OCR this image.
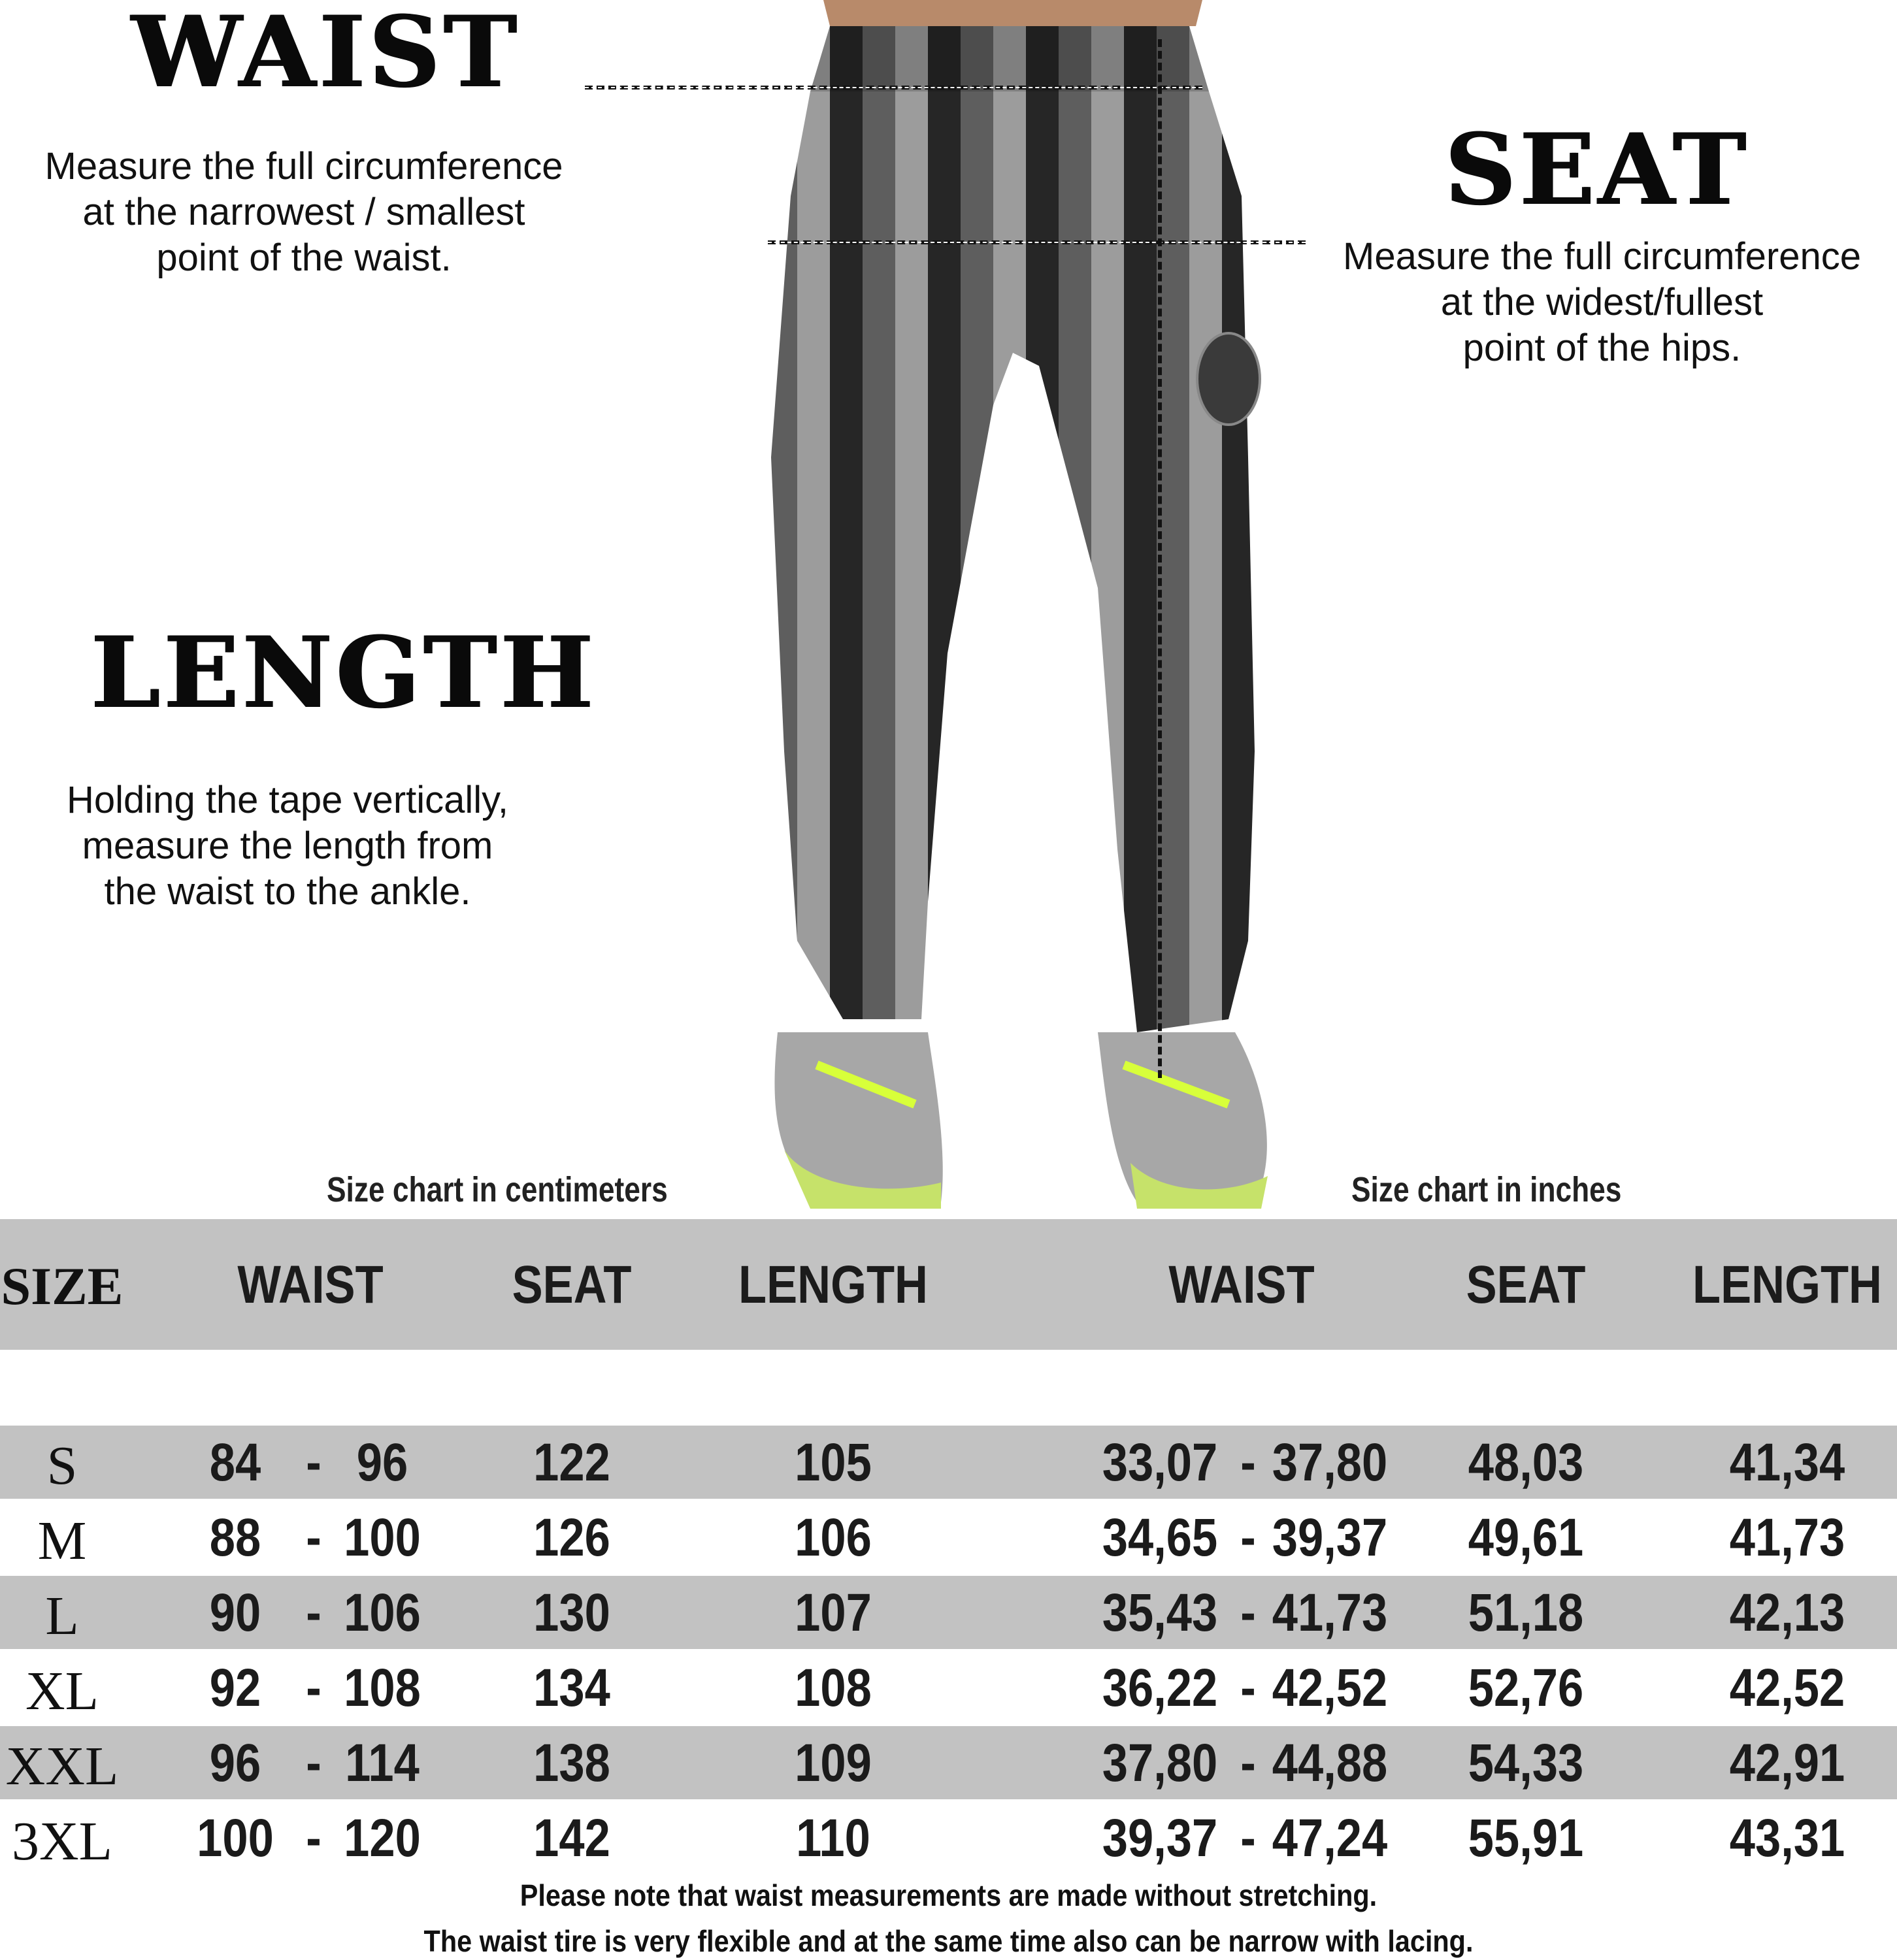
WAIST
Measure the full circumference
at the narrowest / smallest
point of the waist.
SEAT
Measure the full circumference
at the widest/fullest
point of the hips.
LENGTH
Holding the tape vertically,
measure the length from
the waist to the ankle.
Size chart in centimeters	Size chart in inches
SIZE	WAIST	SEAT	LENGTH	WAIST	SEAT	LENGTH
S	84 - 96	122	105	33,07 - 37,80 48,03	41,34
M	88 - 100	126	106	34,65 - 39,37 49,61	41,73
L	90 - 106	130	107	35,43 - 41,73 51,18	42,13
XL	92 - 108	134	108	36,22 - 42,52 52,76	42,52
XXL	96 - 114	138	109	37,80 - 44,88 54,33	42,91
3XL 100 - 120	142	110	39,37 - 47,24 55,91	43,31
Please note that waist measurements are made without stretching.
The waist tire is very flexible and at the same time also can be narrow with lacing.
